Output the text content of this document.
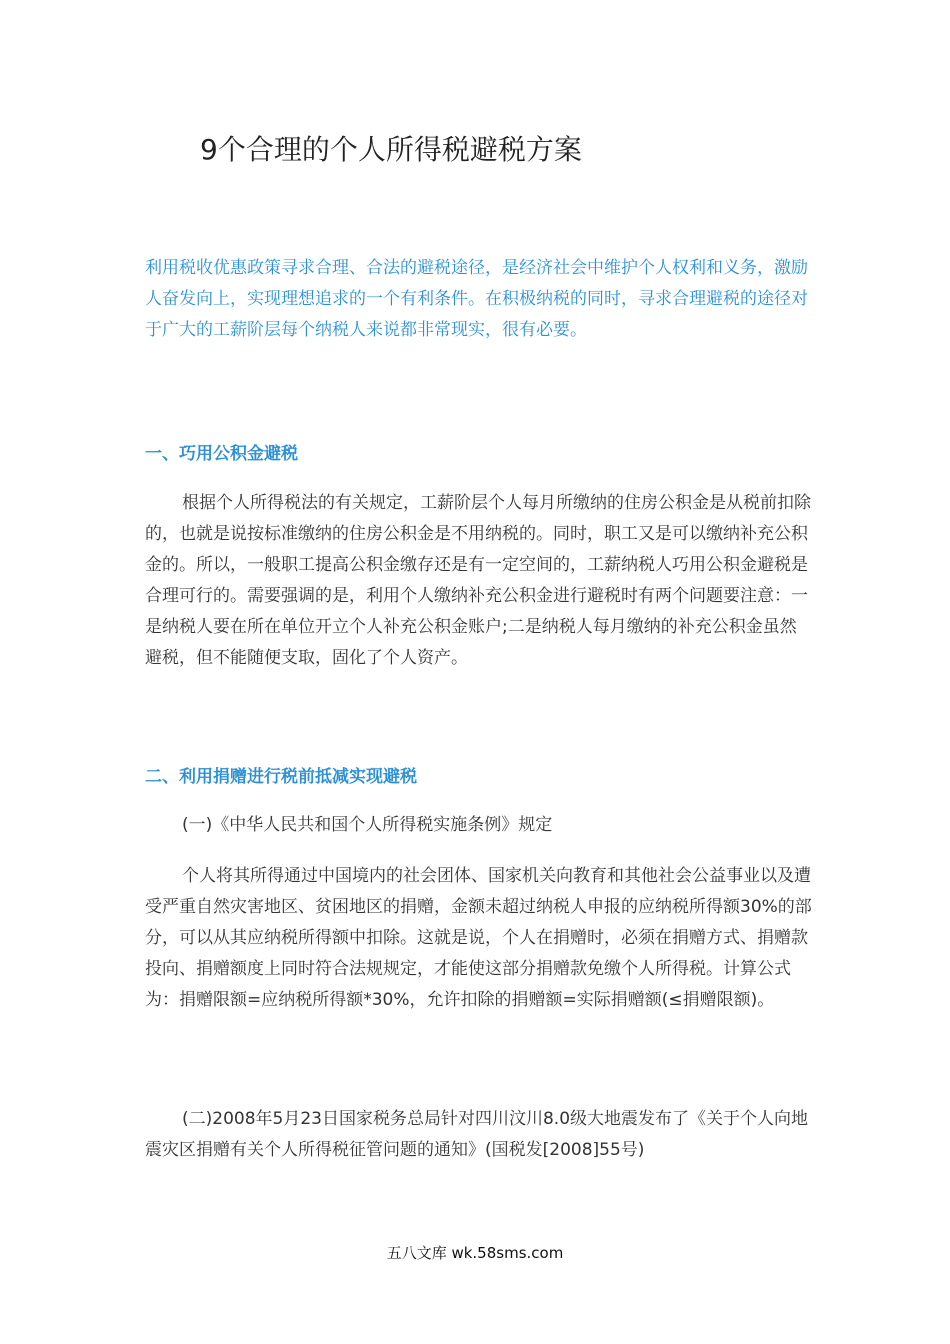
9个合理的个人所得税避税方案

利用税收优惠政策寻求合理、合法的避税途径，是经济社会中维护个人权利和义务，激励人奋发向上，实现理想追求的一个有利条件。在积极纳税的同时，寻求合理避税的途径对于广大的工薪阶层每个纳税人来说都非常现实，很有必要。

一、巧用公积金避税

根据个人所得税法的有关规定，工薪阶层个人每月所缴纳的住房公积金是从税前扣除的，也就是说按标准缴纳的住房公积金是不用纳税的。同时，职工又是可以缴纳补充公积金的。所以，一般职工提高公积金缴存还是有一定空间的，工薪纳税人巧用公积金避税是合理可行的。需要强调的是，利用个人缴纳补充公积金进行避税时有两个问题要注意：一是纳税人要在所在单位开立个人补充公积金账户;二是纳税人每月缴纳的补充公积金虽然避税，但不能随便支取，固化了个人资产。

二、利用捐赠进行税前抵减实现避税

(一)《中华人民共和国个人所得税实施条例》规定

个人将其所得通过中国境内的社会团体、国家机关向教育和其他社会公益事业以及遭受严重自然灾害地区、贫困地区的捐赠，金额未超过纳税人申报的应纳税所得额30%的部分，可以从其应纳税所得额中扣除。这就是说，个人在捐赠时，必须在捐赠方式、捐赠款投向、捐赠额度上同时符合法规规定，才能使这部分捐赠款免缴个人所得税。计算公式为：捐赠限额=应纳税所得额*30%，允许扣除的捐赠额=实际捐赠额(≤捐赠限额)。

(二)2008年5月23日国家税务总局针对四川汶川8.0级大地震发布了《关于个人向地震灾区捐赠有关个人所得税征管问题的通知》(国税发[2008]55号)

五八文库 wk.58sms.com
